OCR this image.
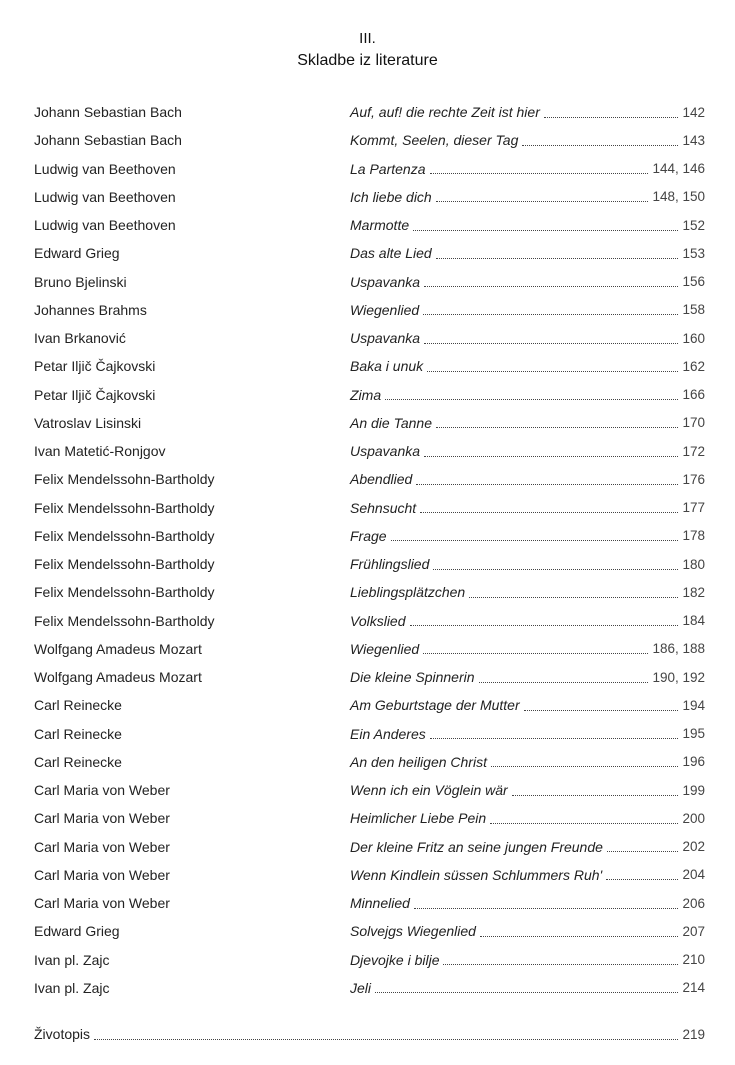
III.
Skladbe iz literature
Johann Sebastian Bach	Auf, auf! die rechte Zeit ist hier	142
Johann Sebastian Bach	Kommt, Seelen, dieser Tag	143
Ludwig van Beethoven	La Partenza	144, 146
Ludwig van Beethoven	Ich liebe dich	148, 150
Ludwig van Beethoven	Marmotte	152
Edward Grieg	Das alte Lied	153
Bruno Bjelinski	Uspavanka	156
Johannes Brahms	Wiegenlied	158
Ivan Brkanović	Uspavanka	160
Petar Iljič Čajkovski	Baka i unuk	162
Petar Iljič Čajkovski	Zima	166
Vatroslav Lisinski	An die Tanne	170
Ivan Matetić-Ronjgov	Uspavanka	172
Felix Mendelssohn-Bartholdy	Abendlied	176
Felix Mendelssohn-Bartholdy	Sehnsucht	177
Felix Mendelssohn-Bartholdy	Frage	178
Felix Mendelssohn-Bartholdy	Frühlingslied	180
Felix Mendelssohn-Bartholdy	Lieblingsplätzchen	182
Felix Mendelssohn-Bartholdy	Volkslied	184
Wolfgang Amadeus Mozart	Wiegenlied	186, 188
Wolfgang Amadeus Mozart	Die kleine Spinnerin	190, 192
Carl Reinecke	Am Geburtstage der Mutter	194
Carl Reinecke	Ein Anderes	195
Carl Reinecke	An den heiligen Christ	196
Carl Maria von Weber	Wenn ich ein Vöglein wär	199
Carl Maria von Weber	Heimlicher Liebe Pein	200
Carl Maria von Weber	Der kleine Fritz an seine jungen Freunde	202
Carl Maria von Weber	Wenn Kindlein süssen Schlummers Ruh'	204
Carl Maria von Weber	Minnelied	206
Edward Grieg	Solvejgs Wiegenlied	207
Ivan pl. Zajc	Djevojke i bilje	210
Ivan pl. Zajc	Jeli	214
Životopis	219
